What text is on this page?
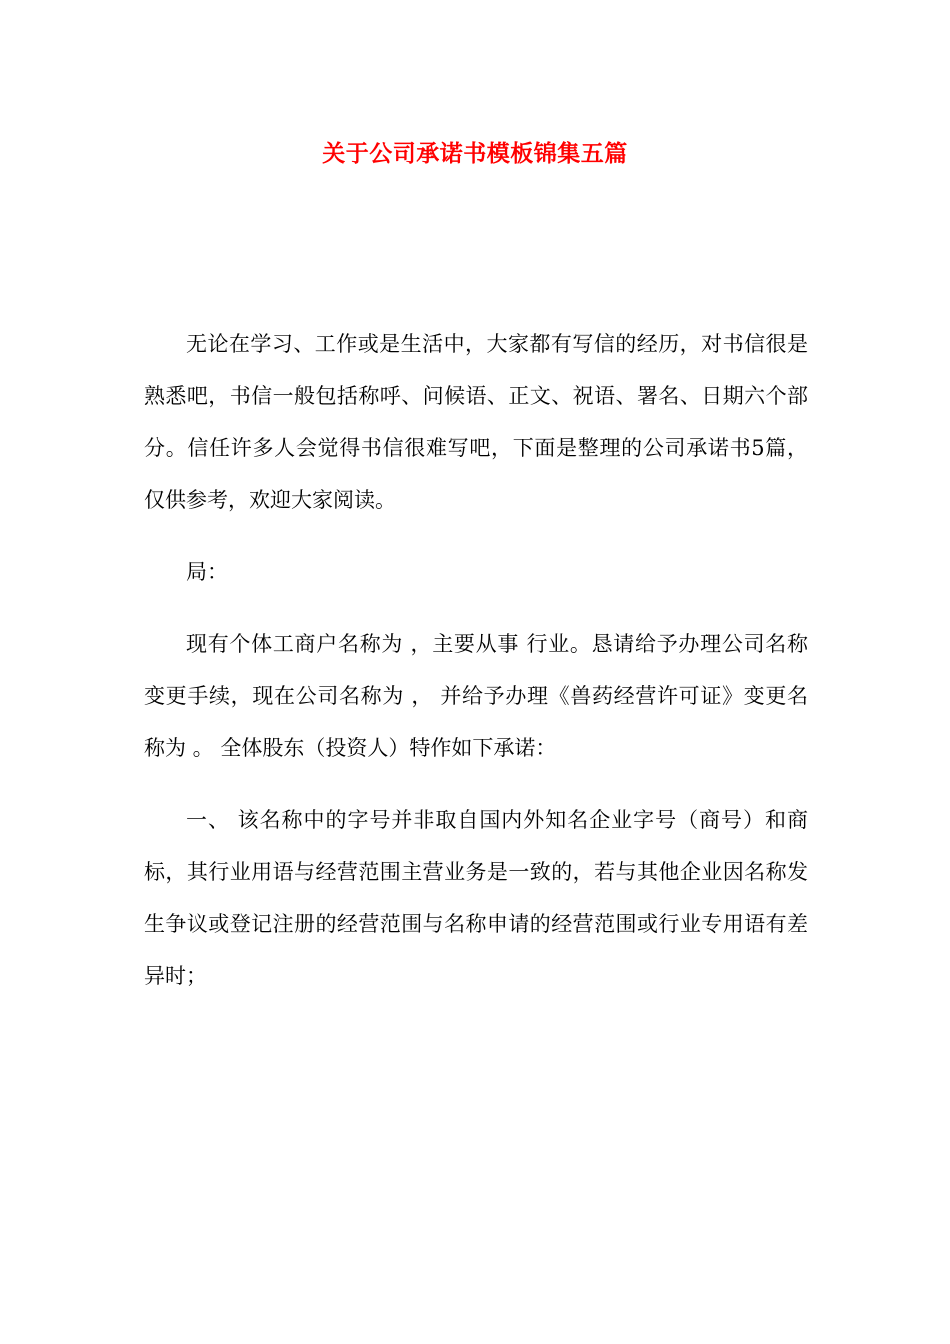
关于公司承诺书模板锦集五篇

无论在学习、工作或是生活中，大家都有写信的经历，对书信很是熟悉吧，书信一般包括称呼、问候语、正文、祝语、署名、日期六个部分。信任许多人会觉得书信很难写吧，下面是整理的公司承诺书5篇，仅供参考，欢迎大家阅读。

局：

现有个体工商户名称为 ，主要从事 行业。恳请给予办理公司名称变更手续，现在公司名称为 ， 并给予办理《兽药经营许可证》变更名称为 。 全体股东（投资人）特作如下承诺：

一、 该名称中的字号并非取自国内外知名企业字号（商号）和商标，其行业用语与经营范围主营业务是一致的，若与其他企业因名称发生争议或登记注册的经营范围与名称申请的经营范围或行业专用语有差异时；
